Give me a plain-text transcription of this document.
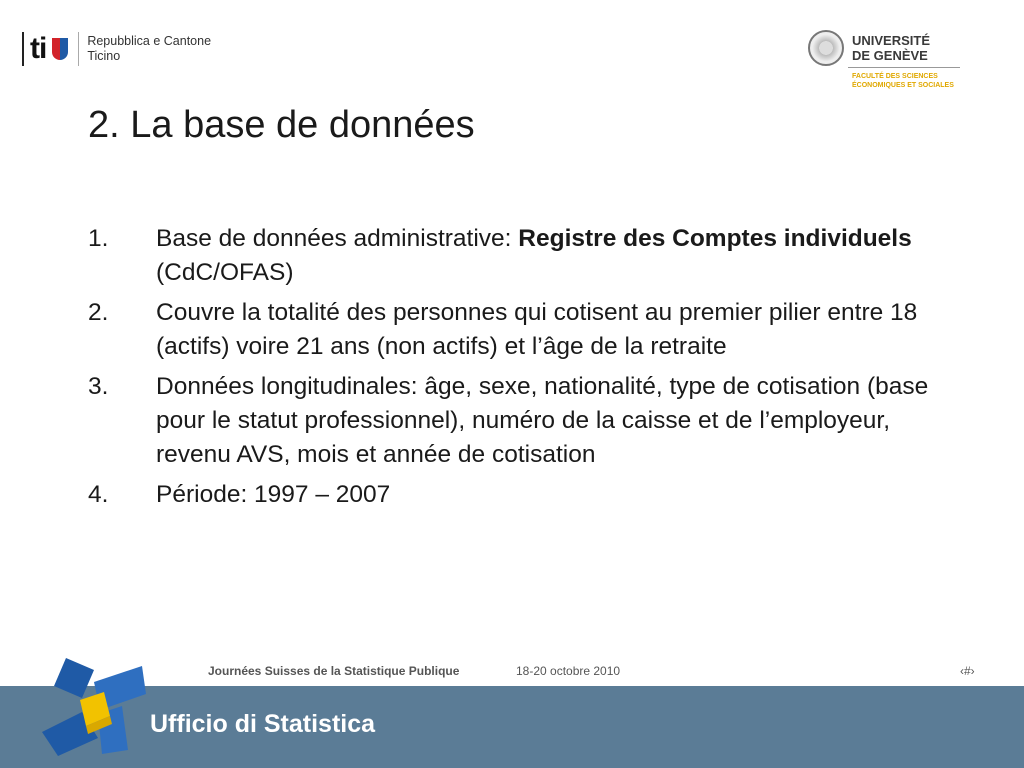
ti	Repubblica e Cantone
Ticino
UNIVERSITÉ
DE GENÈVE
FACULTÉ DES SCIENCES
ÉCONOMIQUES ET SOCIALES
2. La base de données
1.	Base de données administrative: Registre des Comptes individuels (CdC/OFAS)
2.	Couvre la totalité des personnes qui cotisent au premier pilier entre 18 (actifs) voire 21 ans (non actifs) et l’âge de la retraite
3.	Données longitudinales: âge, sexe, nationalité, type de cotisation (base pour le statut professionnel), numéro de la caisse et de l’employeur, revenu AVS, mois et année de cotisation
4.	Période: 1997 – 2007
Journées Suisses de la Statistique Publique	18-20 octobre 2010	‹#›
Ufficio di Statistica
